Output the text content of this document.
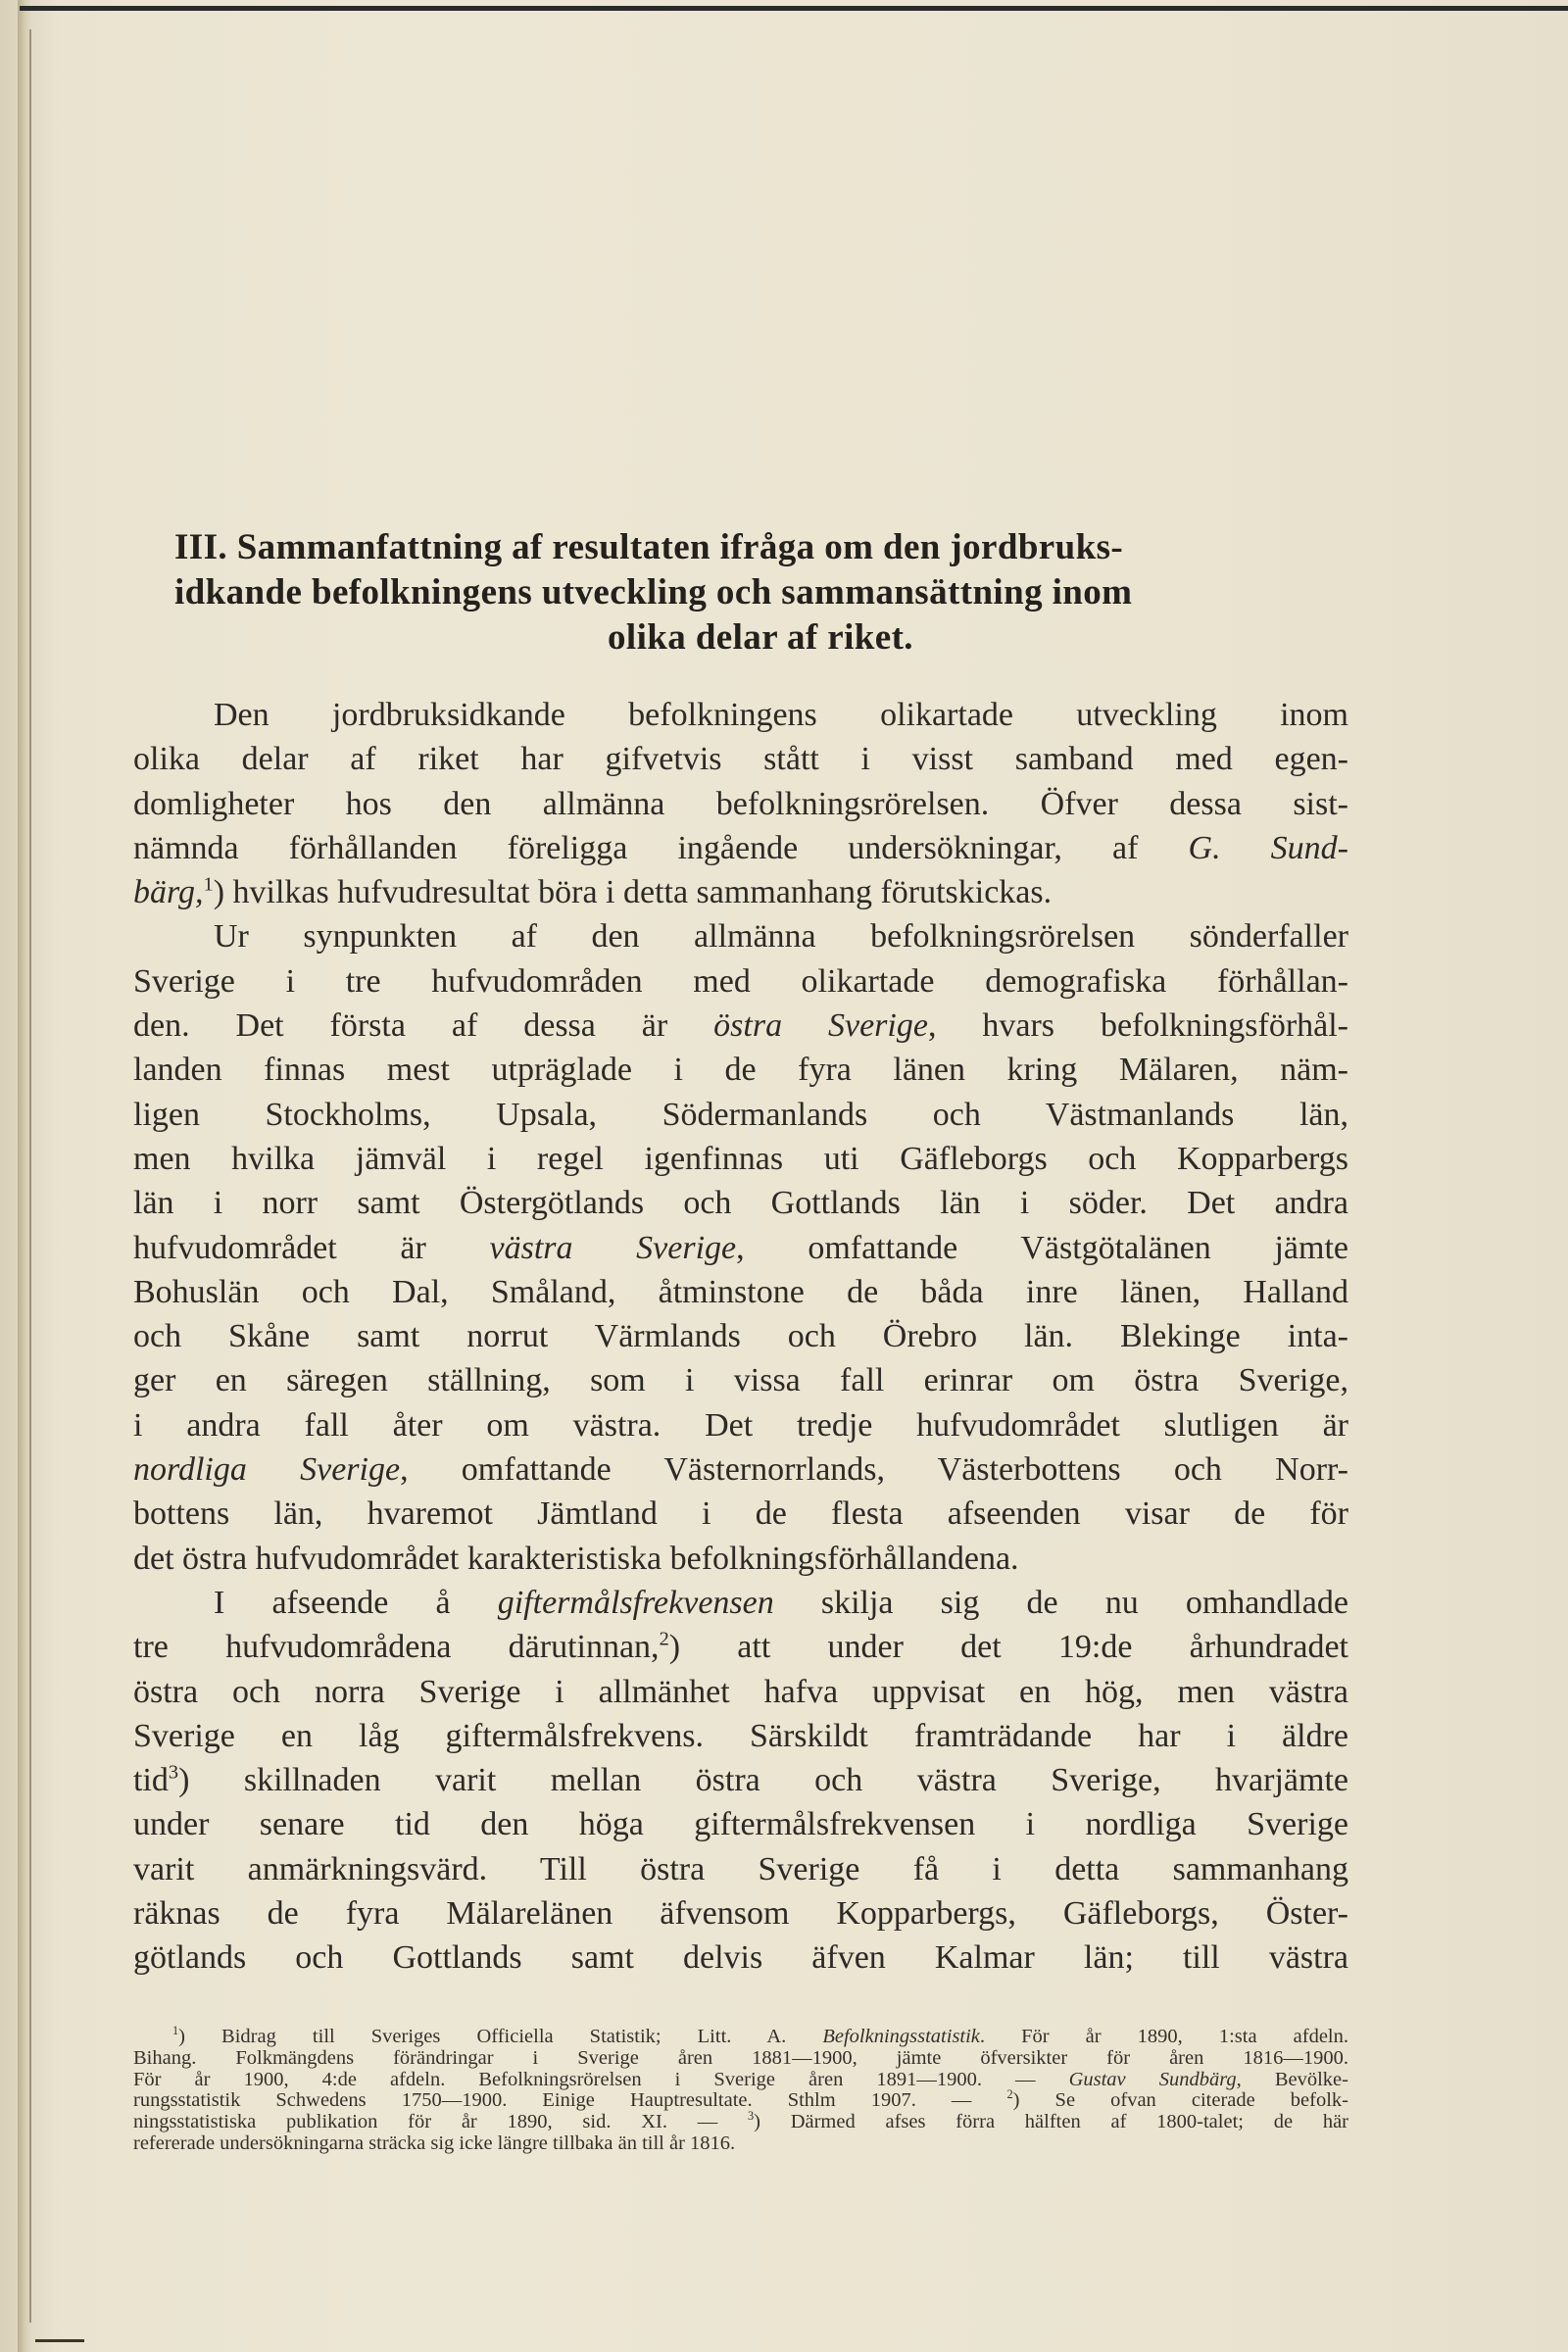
III. Sammanfattning af resultaten ifråga om den jordbruks-
idkande befolkningens utveckling och sammansättning inom
olika delar af riket.
Den jordbruksidkande befolkningens olikartade utveckling inom
olika delar af riket har gifvetvis stått i visst samband med egen-
domligheter hos den allmänna befolkningsrörelsen. Öfver dessa sist-
nämnda förhållanden föreligga ingående undersökningar, af G. Sund-
bärg,$^1$) hvilkas hufvudresultat böra i detta sammanhang förutskickas.
Ur synpunkten af den allmänna befolkningsrörelsen sönderfaller
Sverige i tre hufvudområden med olikartade demografiska förhållan-
den. Det första af dessa är östra Sverige, hvars befolkningsförhål-
landen finnas mest utpräglade i de fyra länen kring Mälaren, näm-
ligen Stockholms, Upsala, Södermanlands och Västmanlands län,
men hvilka jämväl i regel igenfinnas uti Gäfleborgs och Kopparbergs
län i norr samt Östergötlands och Gottlands län i söder. Det andra
hufvudområdet är västra Sverige, omfattande Västgötalänen jämte
Bohuslän och Dal, Småland, åtminstone de båda inre länen, Halland
och Skåne samt norrut Värmlands och Örebro län. Blekinge inta-
ger en säregen ställning, som i vissa fall erinrar om östra Sverige,
i andra fall åter om västra. Det tredje hufvudområdet slutligen är
nordliga Sverige, omfattande Västernorrlands, Västerbottens och Norr-
bottens län, hvaremot Jämtland i de flesta afseenden visar de för
det östra hufvudområdet karakteristiska befolkningsförhållandena.
I afseende å giftermålsfrekvensen skilja sig de nu omhandlade
tre hufvudområdena därutinnan,$^2$) att under det 19:de århundradet
östra och norra Sverige i allmänhet hafva uppvisat en hög, men västra
Sverige en låg giftermålsfrekvens. Särskildt framträdande har i äldre
tid$^3$) skillnaden varit mellan östra och västra Sverige, hvarjämte
under senare tid den höga giftermålsfrekvensen i nordliga Sverige
varit anmärkningsvärd. Till östra Sverige få i detta sammanhang
räknas de fyra Mälarelänen äfvensom Kopparbergs, Gäfleborgs, Öster-
götlands och Gottlands samt delvis äfven Kalmar län; till västra
$^1$) Bidrag till Sveriges Officiella Statistik; Litt. A. Befolkningsstatistik. För år 1890, 1:sta afdeln.
Bihang. Folkmängdens förändringar i Sverige åren 1881—1900, jämte öfversikter för åren 1816—1900.
För år 1900, 4:de afdeln. Befolkningsrörelsen i Sverige åren 1891—1900. — Gustav Sundbärg, Bevölke-
rungsstatistik Schwedens 1750—1900. Einige Hauptresultate. Sthlm 1907. — $^2$) Se ofvan citerade befolk-
ningsstatistiska publikation för år 1890, sid. XI. — $^3$) Därmed afses förra hälften af 1800-talet; de här
refererade undersökningarna sträcka sig icke längre tillbaka än till år 1816.
